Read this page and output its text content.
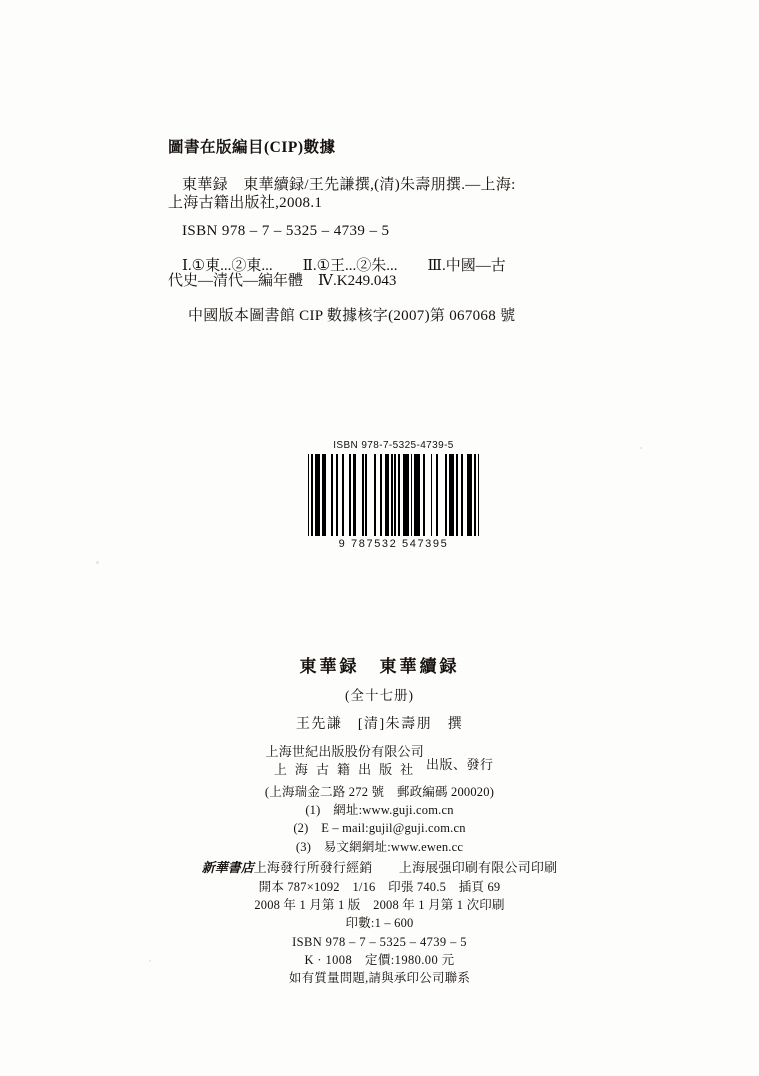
圖書在版編目(CIP)數據
東華録　東華續録/王先謙撰,(清)朱壽朋撰.—上海:
上海古籍出版社,2008.1
ISBN 978 – 7 – 5325 – 4739 – 5
Ⅰ.①東...②東...　　Ⅱ.①王...②朱...　　Ⅲ.中國—古
代史—清代—編年體　Ⅳ.K249.043
中國版本圖書館 CIP 數據核字(2007)第 067068 號
ISBN 978-7-5325-4739-5
9 787532 547395
東華録　東華續録
(全十七册)
王先謙　[清]朱壽朋　撰
上海世紀出版股份有限公司
上 海 古 籍 出 版 社 出版、發行
(上海瑞金二路 272 號　郵政編碼 200020)
(1)　網址:www.guji.com.cn
(2)　E – mail:gujil@guji.com.cn
(3)　易文網網址:www.ewen.cc
新華書店上海發行所發行經銷　　上海展强印刷有限公司印刷
開本 787×1092　1/16　印張 740.5　插頁 69
2008 年 1 月第 1 版　2008 年 1 月第 1 次印刷
印數:1 – 600
ISBN 978 – 7 – 5325 – 4739 – 5
K · 1008　定價:1980.00 元
如有質量問題,請與承印公司聯系
